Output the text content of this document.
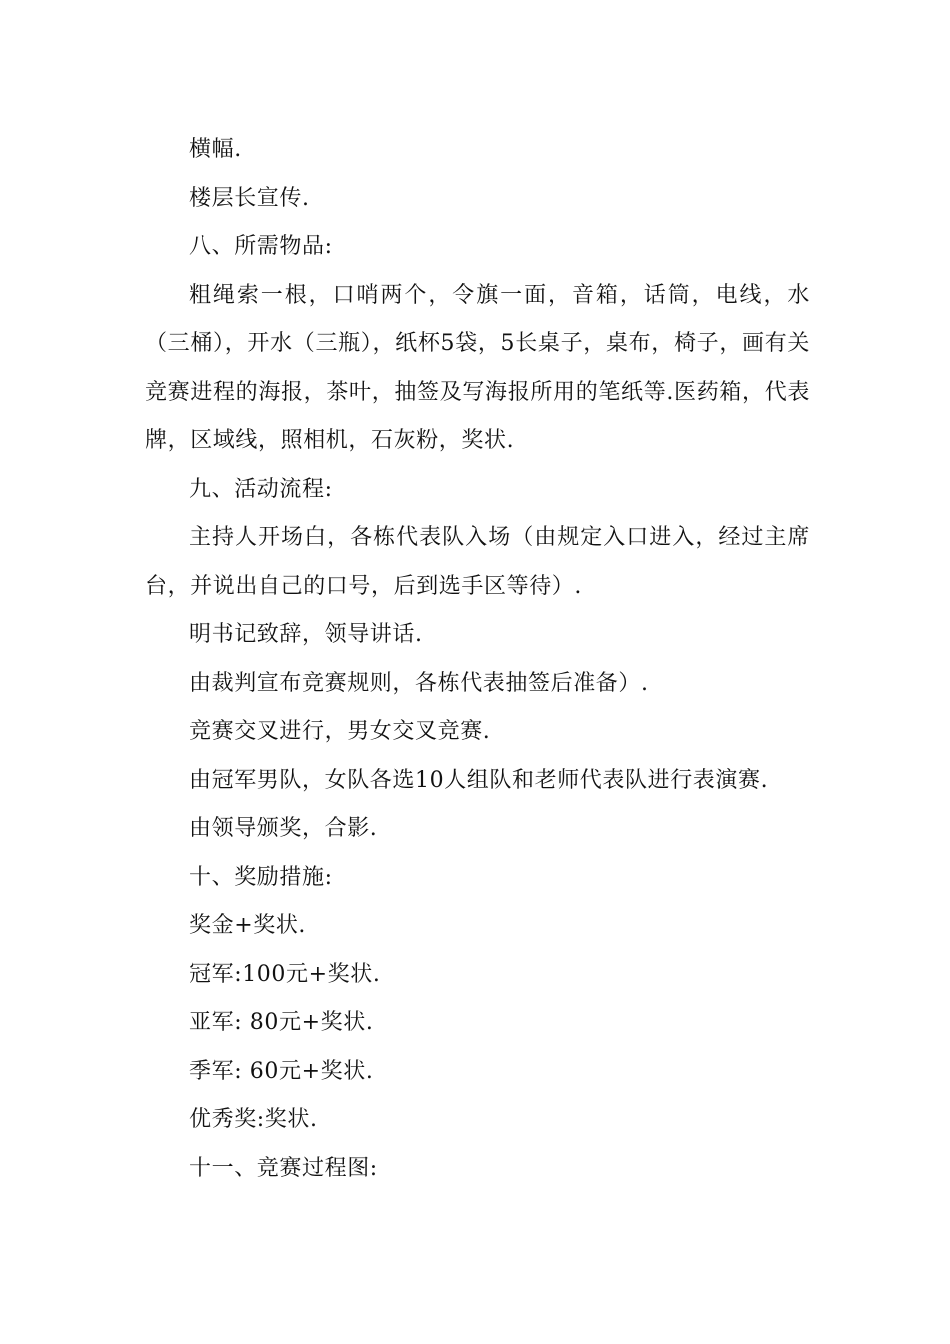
横幅.

楼层长宣传.

八、所需物品:

粗绳索一根，口哨两个，令旗一面，音箱，话筒，电线，水（三桶），开水（三瓶），纸杯5袋，5长桌子，桌布，椅子，画有关竞赛进程的海报，茶叶，抽签及写海报所用的笔纸等.医药箱，代表牌，区域线，照相机，石灰粉，奖状.

九、活动流程:

主持人开场白，各栋代表队入场（由规定入口进入，经过主席台，并说出自己的口号，后到选手区等待）.

明书记致辞，领导讲话.

由裁判宣布竞赛规则，各栋代表抽签后准备）.

竞赛交叉进行，男女交叉竞赛.

由冠军男队，女队各选10人组队和老师代表队进行表演赛.

由领导颁奖，合影.

十、奖励措施:

奖金+奖状.

冠军:100元+奖状.

亚军: 80元+奖状.

季军: 60元+奖状.

优秀奖:奖状.

十一、竞赛过程图:
